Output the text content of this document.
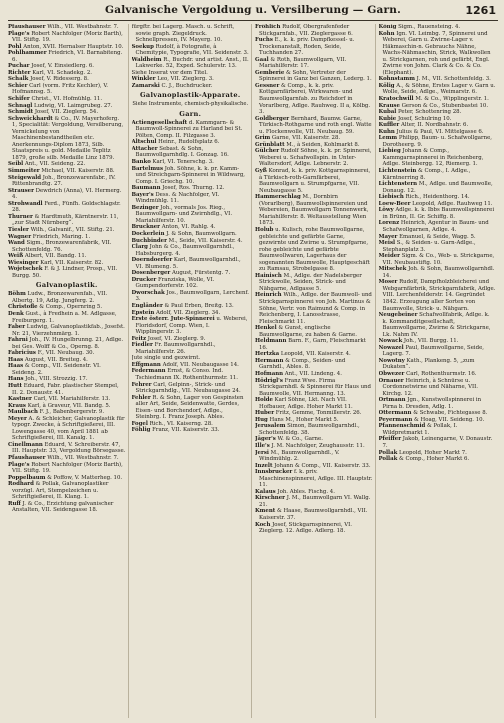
Galvanische Vergoldung u. Versilberung — Garn.	1261

Pfaushauser Wilh., VII. Westbahnstr. 7.

Plage's Robert Nachfolger (Moriz Barth), VII. Stiftg. 19.

Pohl Anton, XVII. Hernalser Hauptstr. 10.

Pohlhammer Friedrich, VI. Barnabiteng. 6.

Puchar Josef, V. Einsiedlerg. 6.

Richter Karl, VI. Schadekg. 2.

Schalk Josef, V. Ridesserg. 8.

Schier Carl (vorm. Fritz Kechler), V. Hofmannsg. 5.

Schifer Christ., VI. Hofmühlg. 11.

Schnagl Ludwig, VI. Laimgrubeg. 27.

Schmidt Josef, VII. Zieglerg. 54.

Schweickhardt & Co., IV. Mayerhoferg. 1, Specialität: Vergoldung, Versilberung, Vernickelung von Maschinenbestandtheilen etc. Anerkennungs-Diplom 1873, Silb. Staatspreis u. gold. Medaille Teplitz 1879, große silb. Medaille Linz 1879.

Seibl Ant., VII. Seideng. 22.

Simmeiter Michael, VII. Kaiserstr. 88.

Steigewald Joh., Bronzewarenfabr., IV. Rittenbrandtg. 27.

Strauser Dewdrich (Anna), VI. Hermerg. 4.

Strohwandl Ferd., Fünfh. Goldschlagstr. 28.

Thurner & Hardtmuth, Kärntnerstr. 11, „zur Stadt Nürnberg“.

Tiesler Wilh., Galvanif., VII. Stiftg. 21.

Wagner Friedrich, Maring. 1.

Wand Sigm., Bronzewarenfabrik, VII. Schottenfeldg. 76.

Weiß Albert, VII. Bandg. 11.

Wiesinger Karl, VII. Kaiserstr. 82.

Wojetschek F. & J. Lindner, Prosp., VII. Burgg. 50.

Galvanoplastik.

Böhm Ludw., Bronzewarenfab., VII. Albertg. 19, Adlg. Jungferg. 2.

Christofle & Comp., Opernring 5.

Denk Gust., à Fredhein a. M. Adlgasse, Freiburgerg. 1.

Faber Ludwig, Galvanoplastikfab., Josefst. Nr. 21, Vierzehnmärg. 1.

Fahrni Joh., IV. Hungelbrunng. 21, Adlge. bei Ges. Wolff & Co., Operng. 8.

Fabricius F., VII. Neubaug. 30.

Haas August, VII. Breiteg. 4.

Haas & Comp., VII. Seidenstr. VI. Seideng. 2.

Hans Joh., VIII. Strozzig. 17.

Hutt Eduard, Fabr. plastischer Stempel, II. 2. Donaustr. 41.

Kastner Carl, VII. Mariahilferstr. 13.

Kraus Karl, à Graveur, VII. Bandg. 5.

Maulbach F. J., Babenbergerstr. 9.

Meyer A. & Schleicher, Galvanoplastik für typogr. Zwecke, à Schriftgießerei, III. Lowengasse 40, vom April 1881 ab Schriftgießerei, III. Kanalg. 1.

Cinellmann Eduard, V. Schreiberstr. 47, III. Hauptstr. 33, Vergoldung Börsegasse.

Pfaushauser Wilh., VII. Westbahnstr. 7.

Plage's Robert Nachfolger (Moriz Barth), VII. Stiftg. 19.

Poppelbaum & Poffow, V. Matterheg. 10.

Rodhard & Pollak, Galvanoplastiker vorzügl. Art, Stempelzeichen u. Schriftgießerei, II. Klang. 1.

Ruff J. & Co., Erzichtung galvanischer Anstalten, VII. Seidengasse 18.

fürgftr. bei Lagerg. Masch. u. Schrift, sowie graph. Ziegeldruck. Schnellpressen, IV. Mayerg. 10.

Soekup Rudolf, à Fotografie, à Chemitypie, Typografie, VII. Seidenstr. 3.

Waldheim R., Buchdr. und artist. Anst., II. Lakwerke. 52, Exped. Schulerstr. 13.

Siehe Inserat vor dem Titel.

Winkler Leo, VII. Zieglerg. 3.

Zamarski C. J., Buchdrucker.

Galvanoplastik-Apparate.
Siehe Instrumente, chemisch-physikalische.
Garn.

Actiengesellschaft d. Kammgarn- & Baumwoll-Spinnerei zu Harland bei St. Pölten, Comp. II. Filzgasse 3.

Altschul Heinr., Rudolfsplatz 6.

Attacher Sebast. & Sohn, Baumwollgarnhdlg. I. Gonzag. 16.

Banko Karl, VI. Tenerschg. 3.

Bartelmus Joh. Söhne, k. k. pr. Kamm- und Streichgarn-Spinnerei in Wildwarg, Comp. I. Griechg. 10.

Baumann Josef, Ros. Thurng. 12.

Bayer's Dess. & Nachfolger, VI. Windmühlg. 11.

Bezinger Joh., vormals Jos. Rieg., Baumwollgarn- und Zwirnhdlg., VI. Mariahilferstr. 10.

Bruckner Anton, VI. Rahlg. 4.

Dockerlein J. & Sohn, Baumwollgarn.

Buchbinder M., Seide, VII. Kaiserstr. 4.

Clarg John & Co., Baumwollgarnhdl., Habsburgerg. 4.

Doerndoerfer Karl, Baumwollgarnhdl., VI. Blumeng. 5.

Dosenberger August, Fürstentg. 7.

Drucker Franziska, Wolle, VI. Gumpendorferstr. 102.

Dworschak Jos., Baumwollgarn, Lerchenf. 3.

Engländer & Paul Erben, Breitg. 13.

Epstein Adolf, VII. Zieglerg. 34.

Erste österr. Jute-Spinnerei u. Weberei, Floridsdorf, Comp. Wien, I. Wipplingerstr. 3.

Feitz Josef, VI. Zieglerg. 9.

Fiedler Fr. Baumwollgarnhdl., Mariahilferstr. 26.

Jute single und gezwirnt.

Effgmann Adolf, VII. Neubaugasse 14.

Federmann Ernst, & Conso. Ind. Tschiedmann IX. Rothenthurmstr. 11.

Fehrer Carl, Gelpinn-, Strick- und Strickgarnhdlg., VII. Neubaugasse 24.

Fehler R. & Sohn, Lager von Gespinsten aller Art, Seide, Seidenwatte, Gerdes, Eisen- und Borchendorf, Adlge., Steinbrg. I. Franz Joseph. Ables.

Fogel Rich., VI. Kaiserng. 28.

Föhlig Franz, VII. Kaiserstr. 33.

Fröhlich Rudolf, Obergrafenfeder Stickgarnfab., VII. Zieglergasse 6.

Fuchs E., k. k. priv. Dampfkessel- u. Trockenanstalt, Roden, Seide, Tuchhanden 27.

Gaal & Roth, Baumwollgarn, VII. Mariahilferstr. 17.

Gemberie & Sohn, Vertreter der Spinnerei in Ganz bei Ganzen, Lederg. 1.

Gessner & Comp., k. k. priv. Kottgarnfärberei, Wirkwaren- und Baumwollgarnfab. zu Reichdorf in Vorarlberg, Adlge. Rauhweg. II a, Kölbg. 3.

Goldberger Bernhard, Baumw. Garne, Türkisch-Rothgarne und roth engl. Watte u. Flockenwolle, VII. Neubaug. 59.

Grim Garne, VII. Kaiserstr. 28.

Grünblatt M., à Seiden, Kohlmarkt 8.

Gülcher Rudolf Söhne, k. k. pr. Spinnerei, Weberei u. Schafwollspin. in Unter-Waltersdorf, Adlge. Lebnerstr. 2.

Gyß Konrad, k. k. priv. Kottgarnspinnerei, à Türkisch-roth-Garnfärberei, Baumwollgarn u. Strumpfgarne, VII. Neubaugasse 5.

Hammerschlag M., Dornbirn (Vorarlberg), Baumwollspinnereien und Webereien, Baumwollgarn Tonnenwerk, Mariahilferstr. 8. Weltausstellung Wien 1873.

Holub u. Kulisch, rohe Baumwollgarne, gebleichte und gefärbte Garne, gezwirnte und Zwirne u. Strumpfgarne, rohe gebleichte und gefärbte Baumwollwaren, Lagerhaus der sogenannten Baumwolle, Hauptgeschäft zu Ramsau, Strobelgasse 8.

Hainisch M., Adlge. der Nadelsberger Strickwolle, Seiden, Strick- und Nähgarne, Adlgasse 5.

Heinrich Wilh., Adlge. der Baumwoll- und Strickgarnspinnerei von Joh. Martinus & Söhne, Vertr. von Raimund & Comp. in Reichenberg, I. Lanosstrasse, Fleischmarkt 11.

Henkel & Gunst, englische Baumwollgarne, zu haben & Garne.

Heldmann Barn. F., Garn, Fleischmarkt 16.

Hertzka Leopold, VII. Kaiserstr. 4.

Hermann & Comp., Seiden- und Garnhdl., Ables. 8.

Hofmann Ant., VII. Lindeng. 4.

Hödrigl's Franz Wwe. Firma Strickgarnhdl. & Spinnerei für Haus und Baumwolle, VII. Hermanng. 13.

Holde Karl Söhne, Lkt. Nach VII. Hofbauer, Adlge. Hoher Markt 11.

Huber Fritz, Gemme, Tonmillerstr. 26.

Hug Hans M., Hoher Markt 5.

Jerusalem Simon, Baumwollgarnhdl., Schottenfeldg. 38.

Jäger's W. & Co., Garne.

Ille's J. M. Nachfolger, Zeughausstr. 11.

Jersi M., Baumwollgarnhdl., V. Windmühlg. 2.

Inzelt Johann & Comp., VII. Kaiserstr. 33.

Innsbrucker f. k. priv. Maschinenspinnerei, Adlge. III. Hauptstr. 11.

Kalaus Joh. Ables. Fischg. 4.

Kirschner J. M., Baumwollgarn VI. Wallg. 21.

Kment & Haase, Baumwollgarnhdl., VII. Kaiserstr. 37.

Koch Josef, Stickgarnspinnerei, VI. Zieglerg. 12. Adlge. Adlerg. 18.

König Sigm., Rauensteing. 4.

Kohn Ign. VI. Leimbg. 7, Spinnerei und Weberei, Garn u. Zwirne-Lager v. Häkmaschin-n. Gebrauchs Nähne, Wachs-Nähmaschin, Strick, Walkwollen u. Strickgarnen, roh und gefärbt, Engl. Zwirne von Johm. Clark & Co. & Co. (Elephant).

Kohnstamm J. M., VII. Schottenfeldg. 3.

Kölig A., & Söhne, Erstes Lager v. Garn u. Wolle, Seide, Adlge., Weimarstr. 6.

Kratochwill M. & Co., Wipplingerstr. 1.

Krause Gerson & Co., Stubenbastei 10.

Kubal Peter, Schottenring 28.

Kubie Josef, Schulring 10.

Kuffler Alter, II. Nordbahnstr. 6.

Kuhn Julius & Paul, VI. Mittelgasse 6.

Lemm Philipp, Baum- u. Schafwollgarne, Dorotheerg. 9.

Liebieg Johann & Comp., Kammgarnspinnerei in Reichenberg, Adlge. Steinbergg. 12, Riemerg. 1.

Lichtenstein & Comp., I. Adlge., Kärntnerring 8.

Lichtenstern M., Adlge. und Baumwolle, Donaug. 12.

Liebisch Rich., Heidenthorg. 14.

Loew-Beer Leopold, Adlge. Rauhweg 11.

Löwy Adlge. k. k. Ibbs Baumwollspinnerei in Brünn, II. Gr. Schiffg. 8.

Lorenz Heinrich, Agentur in Baum- und Schafwollgarnen, Adlge. 4.

Mayer Emanuel, & Seide, Wagg. 5.

Meisl S., & Seiden- u. Garn-Adlge., Stephanplatz 3.

Meider Sigm. & Co., Web- u. Strickgarne, VII. Neubaustiftg. 10.

Mitschek Joh. & Sohn, Baumwollgarnhdl. 14.

Moser Rudolf, Dampfholzbleicherei und Webgarnfärbrik, Strickgarnfabrik, Adlge. VIII. Lerchenfelderstr. 14. Gegründet 1842. Erzeugung aller Sorten von Baumwolle, Strick- u. Nähgarn.

Neugebeiner Schafwollfabrik, Adlge. k. k. Kommanditgesellschaft, Baumwollgarne, Zwirne & Strickgarne, Lk. Nahm IV.

Nowack Joh., VII. Burgg. 11.

Nowazel Paul, Baumwollgarne, Seide, Lagerg. 7.

Nowotny Kath., Plankeng. 5, „zum Dukaten“.

Obwezer Carl, Rothenthurmstr. 16.

Ornauer Heinrich, à Schnürse u. Cordonnetwirne und Näharne, VII. Kirchg. 12.

Ortmann Jgn., Kunstwollspinnerei in Pirna b. Dresden, Adlg. 1.

Ottermann & Schwabe, Fichtegasse 8.

Peyermann & Hoag, VII. Seideng. 10.

Pfannenschmid & Pollak, I. Wildpretmarkt 1.

Pfeiffer Jakob, Leinengarne, V. Donaustr. 7.

Pollak Leopold, Hoher Markt 7.

Pollak & Comp., Hoher Markt 6.
